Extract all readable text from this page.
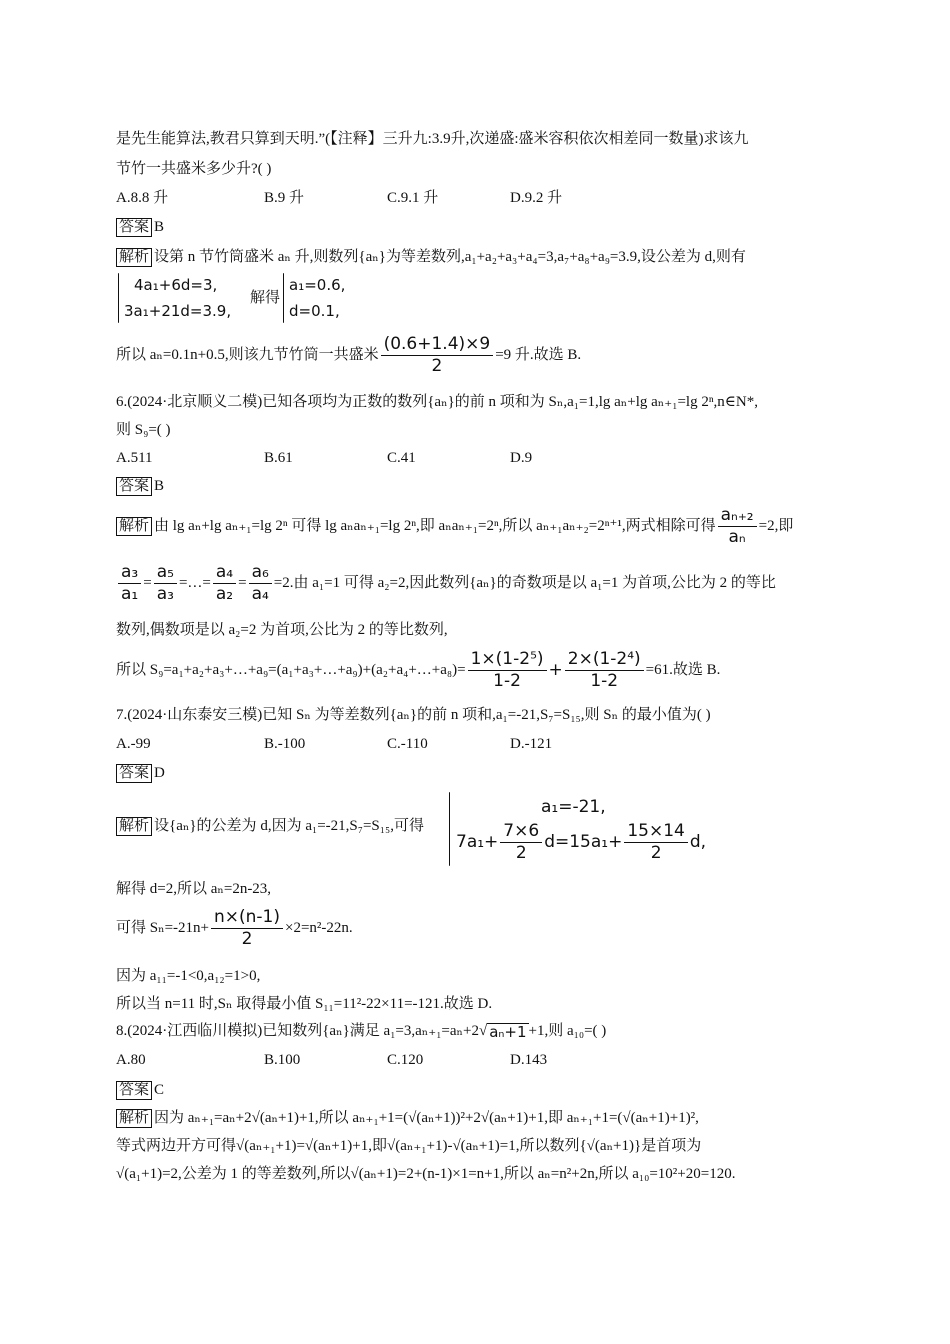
是先生能算法,教君只算到天明.”(【注释】三升九:3.9升,次递盛:盛米容积依次相差同一数量)求该九
节竹一共盛米多少升?( )
A.8.8 升	B.9 升	C.9.1 升	D.9.2 升
答案 B
解析 设第 n 节竹筒盛米 aₙ 升,则数列{aₙ}为等差数列,a₁+a₂+a₃+a₄=3,a₇+a₈+a₉=3.9,设公差为 d,则有
4a₁+6d=3,
3a₁+21d=3.9,
解得
a₁=0.6,
d=0.1,
所以 aₙ=0.1n+0.5,则该九节竹筒一共盛米 $\frac{(0.6+1.4)\times 9}{2} =9$ 升.故选 B.
6.(2024·北京顺义二模)已知各项均为正数的数列{aₙ}的前 n 项和为 Sₙ,a₁=1,lg aₙ+lg aₙ₊₁=lg 2ⁿ,n∈N*,
则 S₉=( )
A.511	B.61	C.41	D.9
答案 B
解析 由 lg aₙ+lg aₙ₊₁=lg 2ⁿ 可得 lg aₙaₙ₊₁=lg 2ⁿ,即 aₙaₙ₊₁=2ⁿ,所以 aₙ₊₁aₙ₊₂=2ⁿ⁺¹,两式相除可得 $\frac{\text{aₙ₊₂}}{\text{aₙ}} =2$,即
$\frac{\text{a₃}}{\text{a₁}} = \frac{\text{a₅}}{\text{a₃}}$ =…= $\frac{\text{a₄}}{\text{a₂}} = \frac{\text{a₆}}{\text{a₄}} =2$.由 a₁=1 可得 a₂=2,因此数列{aₙ}的奇数项是以 a₁=1 为首项,公比为 2 的等比
数列,偶数项是以 a₂=2 为首项,公比为 2 的等比数列,
所以 S₉=a₁+a₂+a₃+…+a₉=(a₁+a₃+…+a₉)+(a₂+a₄+…+a₈)= $\frac{\text{1×(1-2⁵)}}{1-2} + \frac{\text{2×(1-2⁴)}}{1-2} =61$.故选 B.
7.(2024·山东泰安三模)已知 Sₙ 为等差数列{aₙ}的前 n 项和,a₁=-21,S₇=S₁₅,则 Sₙ 的最小值为( )
A.-99	B.-100	C.-110	D.-121
答案 D
解析 设{aₙ}的公差为 d,因为 a₁=-21,S₇=S₁₅,可得
a₁=-21,
$7a_1+ \frac{7\times 6}{2} d=15a_1+ \frac{15\times 14}{2} d$,
解得 d=2,所以 aₙ=2n-23,
可得 $S_n=-21n+ \frac{n\times(n-1)}{2} \times 2=n^2-22n$.
因为 a₁₁=-1<0,a₁₂=1>0,
所以当 n=11 时,Sₙ 取得最小值 S₁₁=11²-22×11=-121.故选 D.
8.(2024·江西临川模拟)已知数列{aₙ}满足 a₁=3,aₙ₊₁=aₙ+2 √ aₙ+1 +1,则 a₁₀=( )
A.80	B.100	C.120	D.143
答案 C
解析 因为 aₙ₊₁=aₙ+2√(aₙ+1)+1,所以 aₙ₊₁+1=(√(aₙ+1))²+2√(aₙ+1)+1,即 aₙ₊₁+1=(√(aₙ+1)+1)²,
等式两边开方可得√(aₙ₊₁+1)=√(aₙ+1)+1,即√(aₙ₊₁+1)-√(aₙ+1)=1,所以数列{√(aₙ+1)}是首项为
√(a₁+1)=2,公差为 1 的等差数列,所以√(aₙ+1)=2+(n-1)×1=n+1,所以 aₙ=n²+2n,所以 a₁₀=10²+20=120.
